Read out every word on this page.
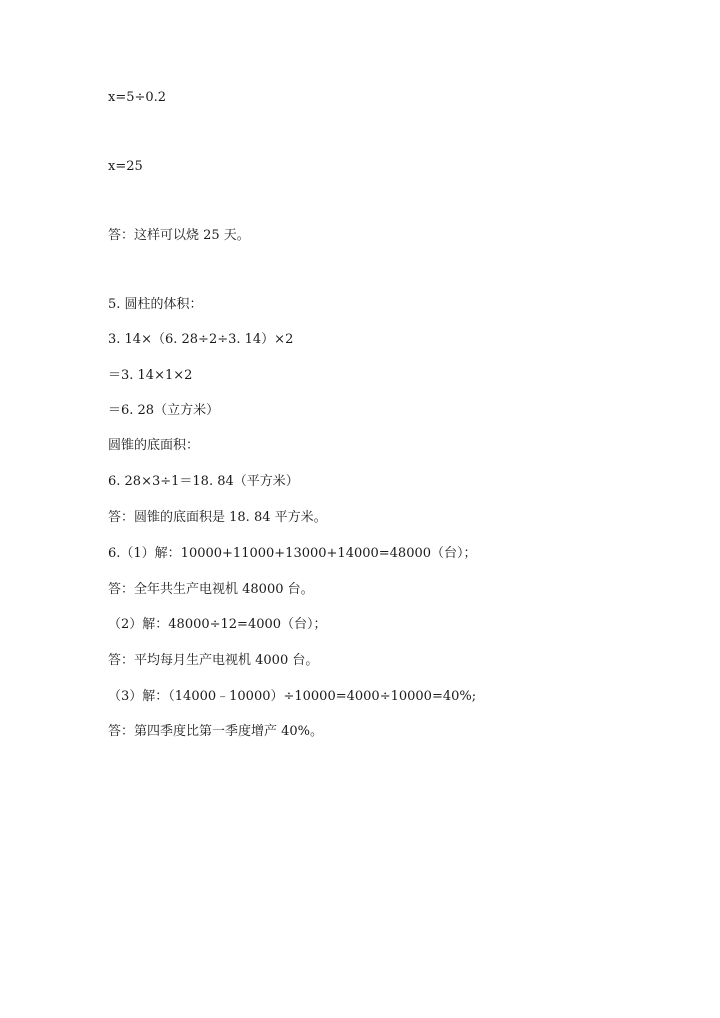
x=5÷0.2
x=25
答：这样可以烧 25 天。
5. 圆柱的体积：
3. 14×（6. 28÷2÷3. 14）×2
＝3. 14×1×2
＝6. 28（立方米）
圆锥的底面积：
6. 28×3÷1＝18. 84（平方米）
答：圆锥的底面积是 18. 84 平方米。
6.（1）解：10000+11000+13000+14000=48000（台）；
答：全年共生产电视机 48000 台。
（2）解：48000÷12=4000（台）；
答：平均每月生产电视机 4000 台。
（3）解：（14000﹣10000）÷10000=4000÷10000=40%;
答：第四季度比第一季度增产 40%。
